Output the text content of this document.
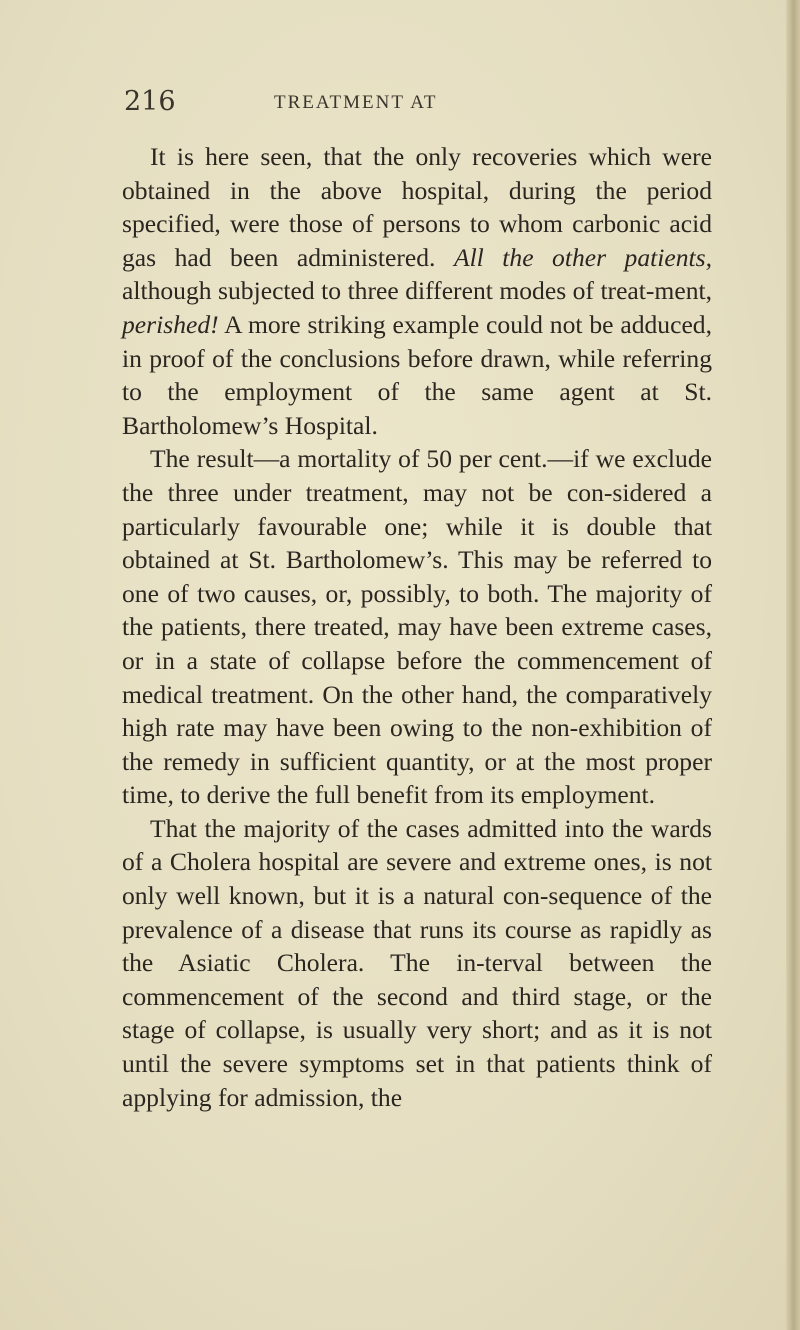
216	TREATMENT AT

It is here seen, that the only recoveries which were obtained in the above hospital, during the period specified, were those of persons to whom carbonic acid gas had been administered. All the other patients, although subjected to three different modes of treat-ment, perished! A more striking example could not be adduced, in proof of the conclusions before drawn, while referring to the employment of the same agent at St. Bartholomew’s Hospital.

The result—a mortality of 50 per cent.—if we exclude the three under treatment, may not be con-sidered a particularly favourable one; while it is double that obtained at St. Bartholomew’s. This may be referred to one of two causes, or, possibly, to both. The majority of the patients, there treated, may have been extreme cases, or in a state of collapse before the commencement of medical treatment. On the other hand, the comparatively high rate may have been owing to the non-exhibition of the remedy in sufficient quantity, or at the most proper time, to derive the full benefit from its employment.

That the majority of the cases admitted into the wards of a Cholera hospital are severe and extreme ones, is not only well known, but it is a natural con-sequence of the prevalence of a disease that runs its course as rapidly as the Asiatic Cholera. The in-terval between the commencement of the second and third stage, or the stage of collapse, is usually very short; and as it is not until the severe symptoms set in that patients think of applying for admission, the
